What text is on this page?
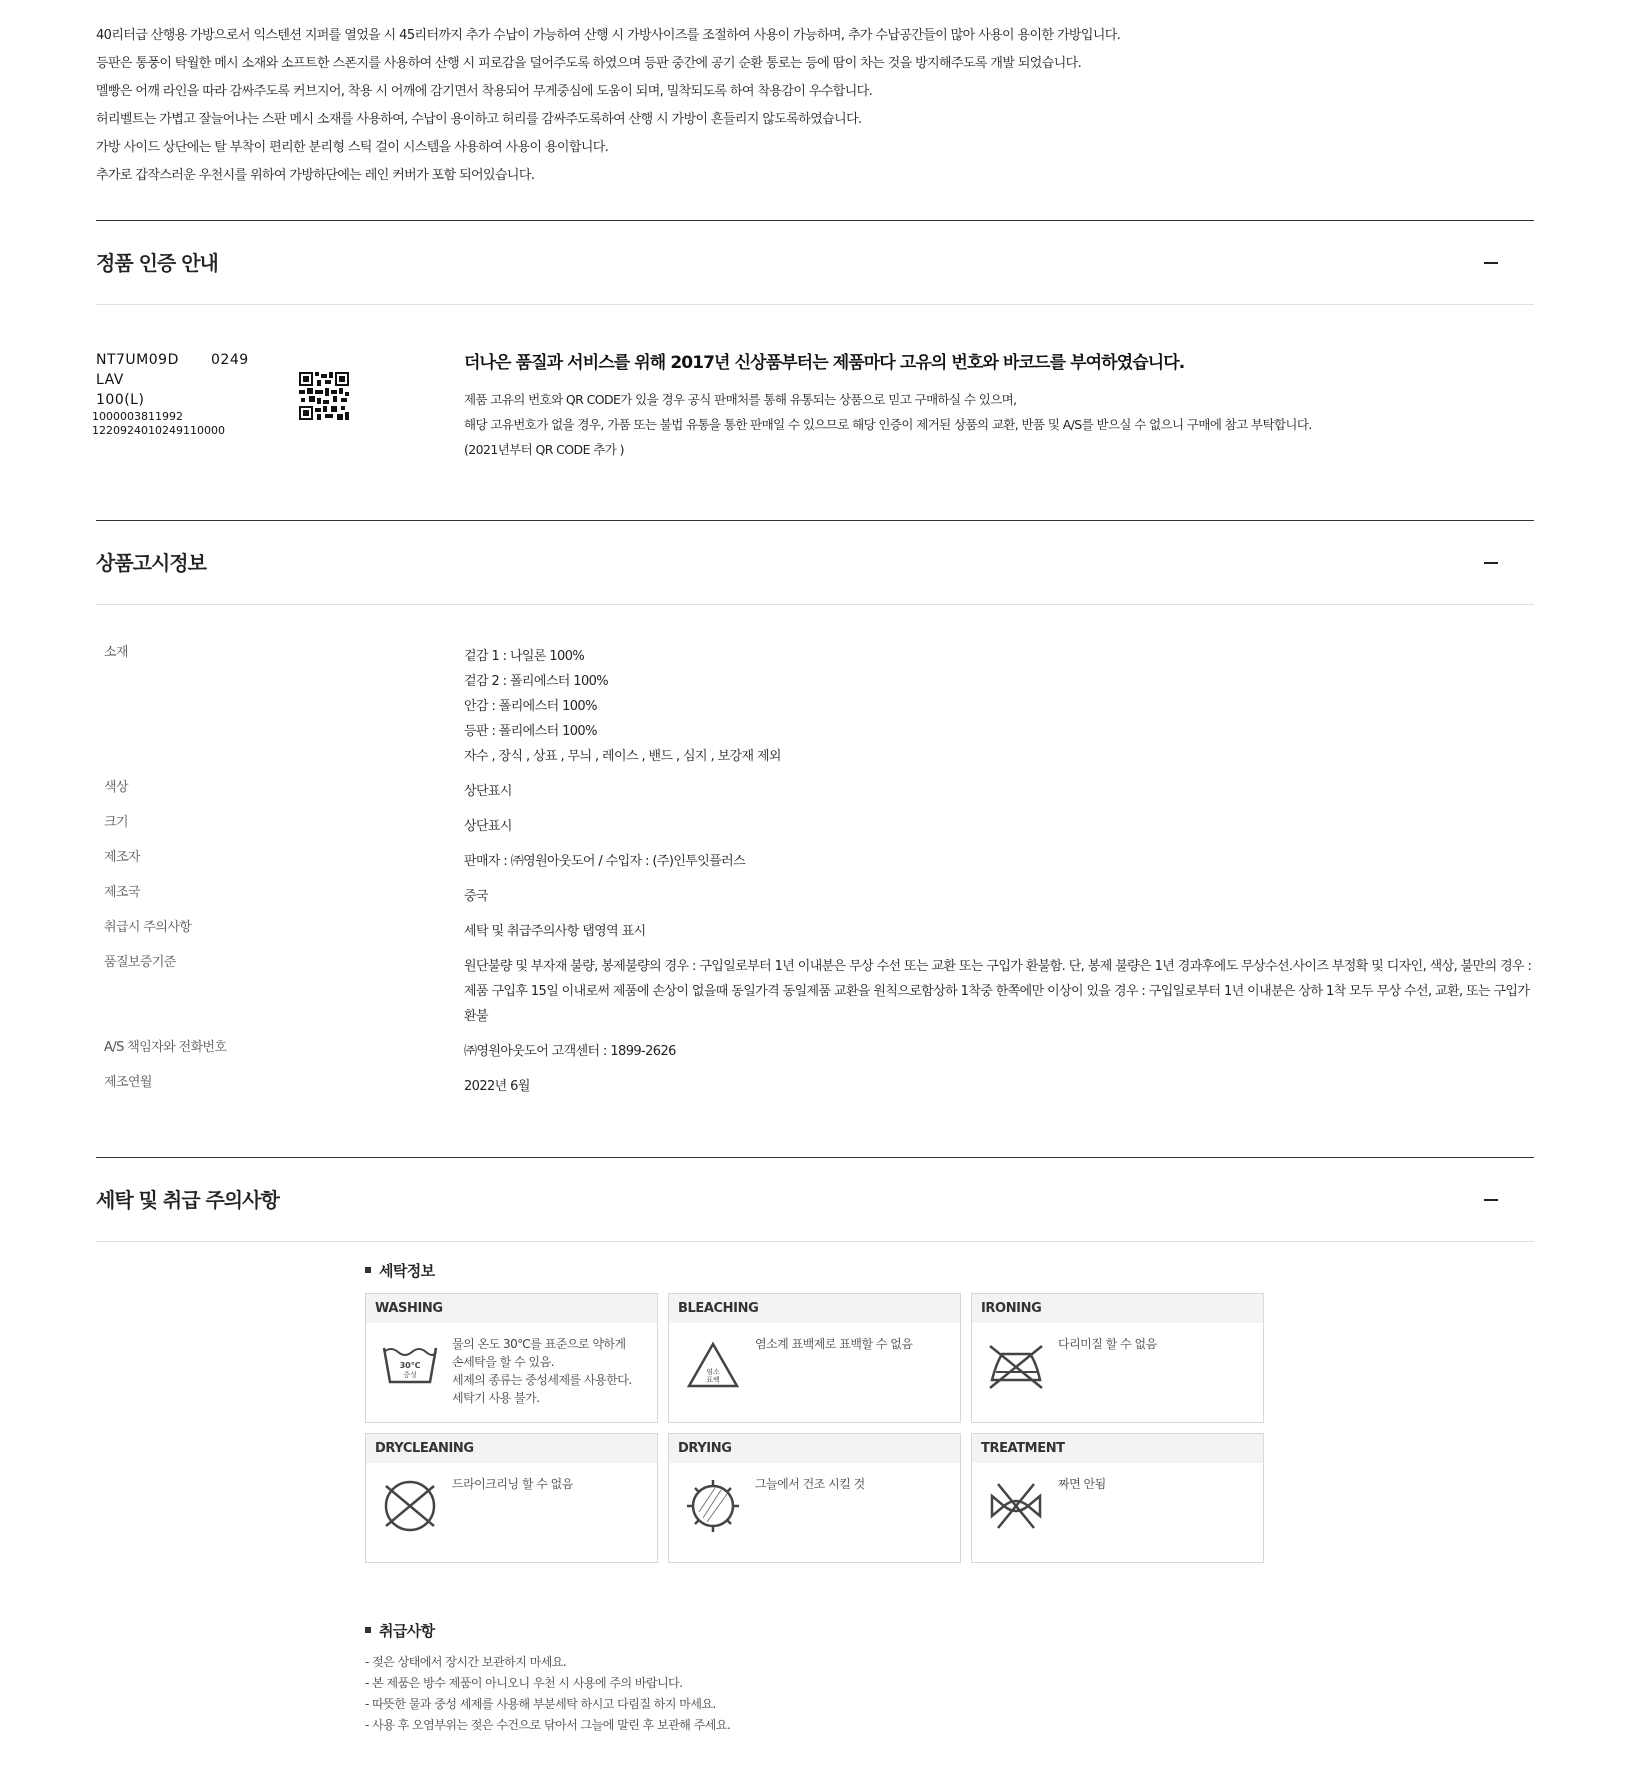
40리터급 산행용 가방으로서 익스텐션 지퍼를 열었을 시 45리터까지 추가 수납이 가능하여 산행 시 가방사이즈를 조절하여 사용이 가능하며, 추가 수납공간들이 많아 사용이 용이한 가방입니다.

등판은 통풍이 탁월한 메시 소재와 소프트한 스폰지를 사용하여 산행 시 피로감을 덜어주도록 하였으며 등판 중간에 공기 순환 통로는 등에 땀이 차는 것을 방지해주도록 개발 되었습니다.

멜빵은 어깨 라인을 따라 감싸주도록 커브지어, 착용 시 어깨에 감기면서 착용되어 무게중심에 도움이 되며, 밀착되도록 하여 착용감이 우수합니다.

허리벨트는 가볍고 잘늘어나는 스판 메시 소재를 사용하여, 수납이 용이하고 허리를 감싸주도록하여 산행 시 가방이 흔들리지 않도록하였습니다.

가방 사이드 상단에는 탈 부착이 편리한 분리형 스틱 걸이 시스템을 사용하여 사용이 용이합니다.

추가로 갑작스러운 우천시를 위하여 가방하단에는 레인 커버가 포함 되어있습니다.

정품 인증 안내
NT7UM09D 0249
LAV
100(L)
1000003811992
1220924010249110000
더나은 품질과 서비스를 위해 2017년 신상품부터는 제품마다 고유의 번호와 바코드를 부여하였습니다.

제품 고유의 번호와 QR CODE가 있을 경우 공식 판매처를 통해 유통되는 상품으로 믿고 구매하실 수 있으며,

해당 고유번호가 없을 경우, 가품 또는 불법 유통을 통한 판매일 수 있으므로 해당 인증이 제거된 상품의 교환, 반품 및 A/S를 받으실 수 없으니 구매에 참고 부탁합니다.

(2021년부터 QR CODE 추가 )

상품고시정보
소재	겉감 1 : 나일론 100%
겉감 2 : 폴리에스터 100%
안감 : 폴리에스터 100%
등판 : 폴리에스터 100%
자수 , 장식 , 상표 , 무늬 , 레이스 , 밴드 , 심지 , 보강재 제외
색상	상단표시
크기	상단표시
제조자	판매자 : ㈜영원아웃도어 / 수입자 : (주)인투잇플러스
제조국	중국
취급시 주의사항	세탁 및 취급주의사항 탭영역 표시
품질보증기준	원단불량 및 부자재 불량, 봉제불량의 경우 : 구입일로부터 1년 이내분은 무상 수선 또는 교환 또는 구입가 환불함. 단, 봉제 불량은 1년 경과후에도 무상수선.사이즈 부정확 및 디자인, 색상, 불만의 경우 :
제품 구입후 15일 이내로써 제품에 손상이 없을때 동일가격 동일제품 교환을 원칙으로함상하 1착중 한쪽에만 이상이 있을 경우 : 구입일로부터 1년 이내분은 상하 1착 모두 무상 수선, 교환, 또는 구입가
환불
A/S 책임자와 전화번호	㈜영원아웃도어 고객센터 : 1899-2626
제조연월	2022년 6월
세탁 및 취급 주의사항
세탁정보
WASHING
30℃
중성
물의 온도 30℃를 표준으로 약하게
손세탁을 할 수 있음.
세제의 종류는 중성세제를 사용한다.
세탁기 사용 불가.
BLEACHING
염소
표백
염소계 표백제로 표백할 수 없음
IRONING
다리미질 할 수 없음
DRYCLEANING
드라이크리닝 할 수 없음
DRYING
그늘에서 건조 시킬 것
TREATMENT
짜면 안됨
취급사항
- 젖은 상태에서 장시간 보관하지 마세요.
- 본 제품은 방수 제품이 아니오니 우천 시 사용에 주의 바랍니다.
- 따뜻한 물과 중성 세제를 사용해 부분세탁 하시고 다림질 하지 마세요.
- 사용 후 오염부위는 젖은 수건으로 닦아서 그늘에 말린 후 보관해 주세요.
